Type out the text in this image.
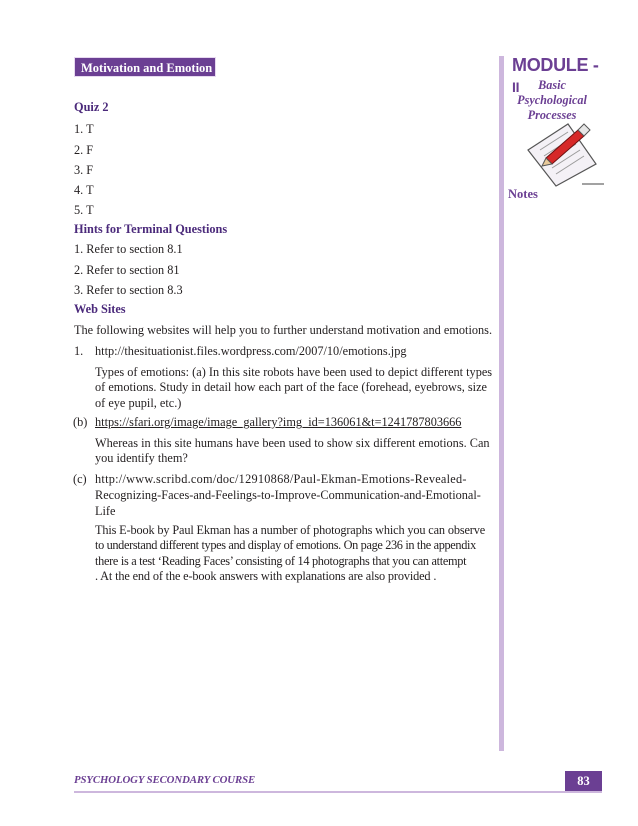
Motivation and Emotion	MODULE - II	Basic
Psychological
Processes
Notes
Quiz 2
1. T
2. F
3. F
4. T
5. T
Hints for Terminal Questions
1. Refer to section 8.1
2. Refer to section 81
3. Refer to section 8.3
Web Sites
The following websites will help you to further understand motivation and emotions.
1. http://thesituationist.files.wordpress.com/2007/10/emotions.jpg
Types of emotions: (a) In this site robots have been used to depict different types
of emotions. Study in detail how each part of the face (forehead, eyebrows, size
of eye pupil, etc.)
(b) https://sfari.org/image/image_gallery?img_id=136061&t=1241787803666
Whereas in this site humans have been used to show six different emotions. Can
you identify them?
(c) http://www.scribd.com/doc/12910868/Paul-Ekman-Emotions-Revealed-
Recognizing-Faces-and-Feelings-to-Improve-Communication-and-Emotional-
Life
This E-book by Paul Ekman has a number of photographs which you can observe
to understand different types and display of emotions. On page 236 in the appendix
there is a test ‘Reading Faces’ consisting of 14 photographs that you can attempt
. At the end of the e-book answers with explanations are also provided .
PSYCHOLOGY SECONDARY COURSE	83
